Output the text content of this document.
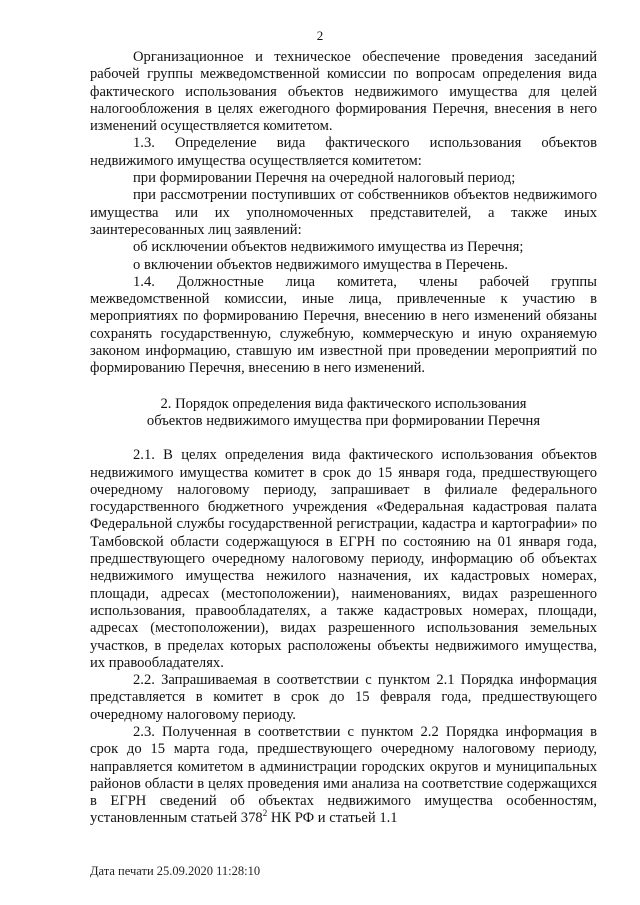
2

Организационное и техническое обеспечение проведения заседаний рабочей группы межведомственной комиссии по вопросам определения вида фактического использования объектов недвижимого имущества для целей налогообложения в целях ежегодного формирования Перечня, внесения в него изменений осуществляется комитетом.

1.3. Определение вида фактического использования объектов недвижимого имущества осуществляется комитетом:

при формировании Перечня на очередной налоговый период;

при рассмотрении поступивших от собственников объектов недвижимого имущества или их уполномоченных представителей, а также иных заинтересованных лиц заявлений:

об исключении объектов недвижимого имущества из Перечня;

о включении объектов недвижимого имущества в Перечень.

1.4. Должностные лица комитета, члены рабочей группы межведомственной комиссии, иные лица, привлеченные к участию в мероприятиях по формированию Перечня, внесению в него изменений обязаны сохранять государственную, служебную, коммерческую и иную охраняемую законом информацию, ставшую им известной при проведении мероприятий по формированию Перечня, внесению в него изменений.

2. Порядок определения вида фактического использования
объектов недвижимого имущества при формировании Перечня

2.1. В целях определения вида фактического использования объектов недвижимого имущества комитет в срок до 15 января года, предшествующего очередному налоговому периоду, запрашивает в филиале федерального государственного бюджетного учреждения «Федеральная кадастровая палата Федеральной службы государственной регистрации, кадастра и картографии» по Тамбовской области содержащуюся в ЕГРН по состоянию на 01 января года, предшествующего очередному налоговому периоду, информацию об объектах недвижимого имущества нежилого назначения, их кадастровых номерах, площади, адресах (местоположении), наименованиях, видах разрешенного использования, правообладателях, а также кадастровых номерах, площади, адресах (местоположении), видах разрешенного использования земельных участков, в пределах которых расположены объекты недвижимого имущества, их правообладателях.

2.2. Запрашиваемая в соответствии с пунктом 2.1 Порядка информация представляется в комитет в срок до 15 февраля года, предшествующего очередному налоговому периоду.

2.3. Полученная в соответствии с пунктом 2.2 Порядка информация в срок до 15 марта года, предшествующего очередному налоговому периоду, направляется комитетом в администрации городских округов и муниципальных районов области в целях проведения ими анализа на соответствие содержащихся в ЕГРН сведений об объектах недвижимого имущества особенностям, установленным статьей $378^2$ НК РФ и статьей 1.1

Дата печати 25.09.2020 11:28:10
